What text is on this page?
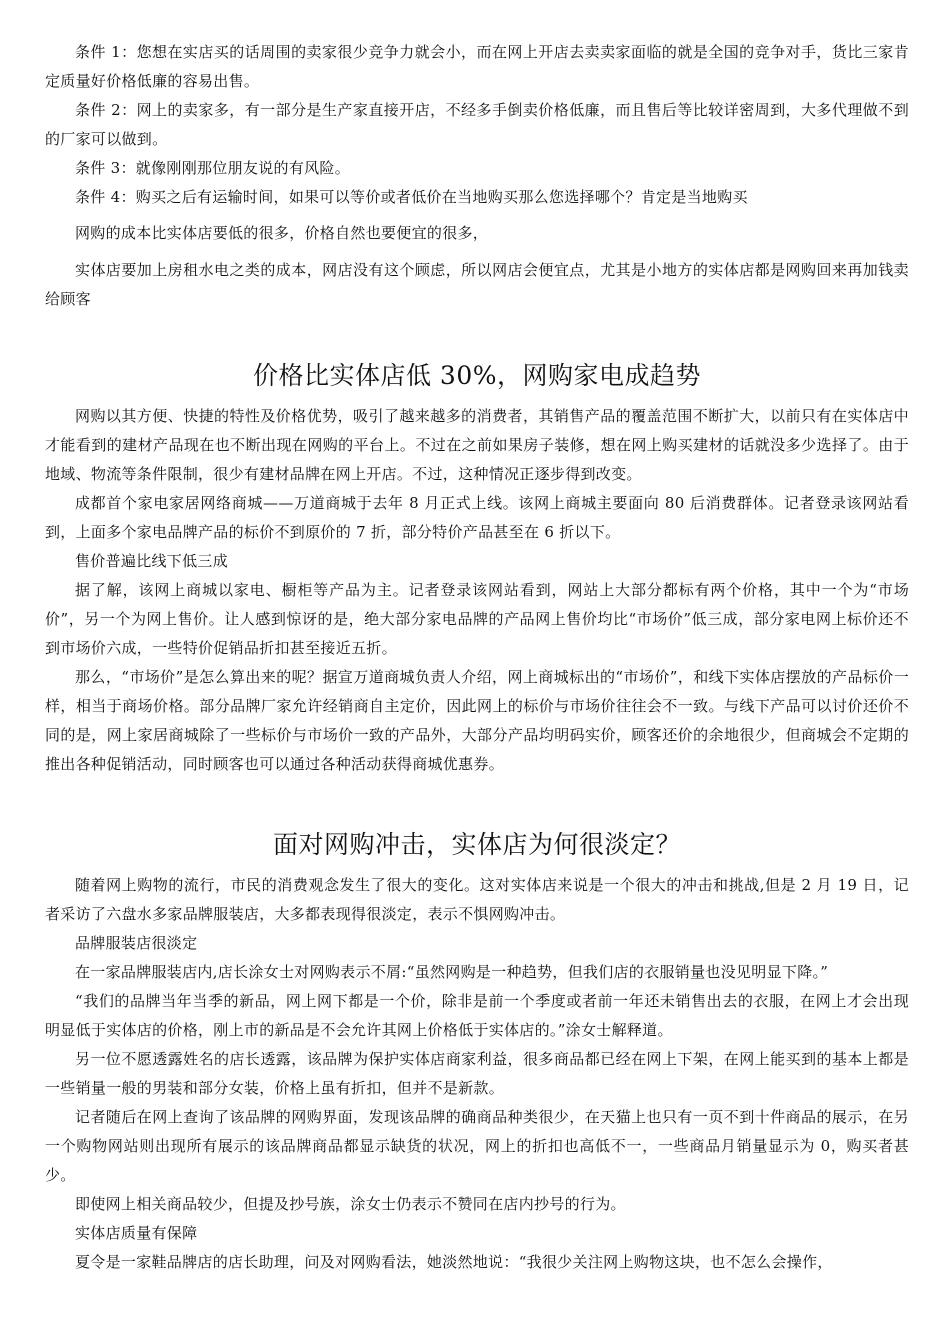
条件 1：您想在实店买的话周围的卖家很少竞争力就会小，而在网上开店去卖卖家面临的就是全国的竞争对手，货比三家肯定质量好价格低廉的容易出售。

条件 2：网上的卖家多，有一部分是生产家直接开店，不经多手倒卖价格低廉，而且售后等比较详密周到，大多代理做不到的厂家可以做到。

条件 3：就像刚刚那位朋友说的有风险。

条件 4：购买之后有运输时间，如果可以等价或者低价在当地购买那么您选择哪个？肯定是当地购买

网购的成本比实体店要低的很多，价格自然也要便宜的很多，

实体店要加上房租水电之类的成本，网店没有这个顾虑，所以网店会便宜点，尤其是小地方的实体店都是网购回来再加钱卖给顾客

价格比实体店低 30%，网购家电成趋势

网购以其方便、快捷的特性及价格优势，吸引了越来越多的消费者，其销售产品的覆盖范围不断扩大，以前只有在实体店中才能看到的建材产品现在也不断出现在网购的平台上。不过在之前如果房子装修，想在网上购买建材的话就没多少选择了。由于地域、物流等条件限制，很少有建材品牌在网上开店。不过，这种情况正逐步得到改变。

成都首个家电家居网络商城——万道商城于去年 8 月正式上线。该网上商城主要面向 80 后消费群体。记者登录该网站看到，上面多个家电品牌产品的标价不到原价的 7 折，部分特价产品甚至在 6 折以下。

售价普遍比线下低三成

据了解，该网上商城以家电、橱柜等产品为主。记者登录该网站看到，网站上大部分都标有两个价格，其中一个为“市场价”，另一个为网上售价。让人感到惊讶的是，绝大部分家电品牌的产品网上售价均比“市场价”低三成，部分家电网上标价还不到市场价六成，一些特价促销品折扣甚至接近五折。

那么，“市场价”是怎么算出来的呢？据宣万道商城负责人介绍，网上商城标出的“市场价”，和线下实体店摆放的产品标价一样，相当于商场价格。部分品牌厂家允许经销商自主定价，因此网上的标价与市场价往往会不一致。与线下产品可以讨价还价不同的是，网上家居商城除了一些标价与市场价一致的产品外，大部分产品均明码实价，顾客还价的余地很少，但商城会不定期的推出各种促销活动，同时顾客也可以通过各种活动获得商城优惠券。

面对网购冲击，实体店为何很淡定？

随着网上购物的流行，市民的消费观念发生了很大的变化。这对实体店来说是一个很大的冲击和挑战,但是 2 月 19 日，记者采访了六盘水多家品牌服装店，大多都表现得很淡定，表示不惧网购冲击。

品牌服装店很淡定

在一家品牌服装店内,店长涂女士对网购表示不屑:“虽然网购是一种趋势，但我们店的衣服销量也没见明显下降。”

“我们的品牌当年当季的新品，网上网下都是一个价，除非是前一个季度或者前一年还未销售出去的衣服，在网上才会出现明显低于实体店的价格，刚上市的新品是不会允许其网上价格低于实体店的。”涂女士解释道。

另一位不愿透露姓名的店长透露，该品牌为保护实体店商家利益，很多商品都已经在网上下架，在网上能买到的基本上都是一些销量一般的男装和部分女装，价格上虽有折扣，但并不是新款。

记者随后在网上查询了该品牌的网购界面，发现该品牌的确商品种类很少，在天猫上也只有一页不到十件商品的展示，在另一个购物网站则出现所有展示的该品牌商品都显示缺货的状况，网上的折扣也高低不一，一些商品月销量显示为 0，购买者甚少。

即使网上相关商品较少，但提及抄号族，涂女士仍表示不赞同在店内抄号的行为。

实体店质量有保障

夏令是一家鞋品牌店的店长助理，问及对网购看法，她淡然地说：“我很少关注网上购物这块，也不怎么会操作，
